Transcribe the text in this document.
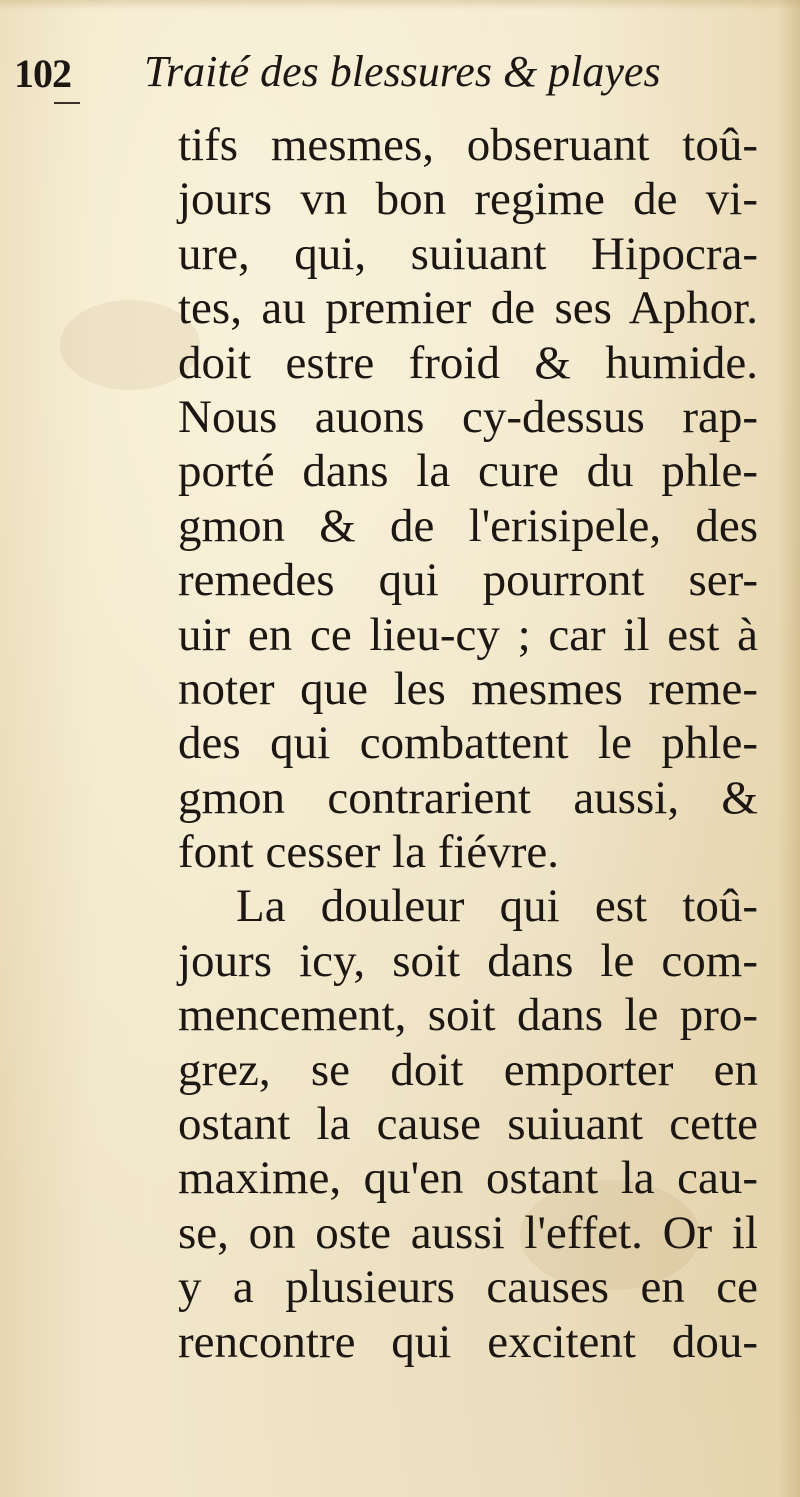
102 Traité des blessures & playes
tifs mesmes, obseruant toû-
jours vn bon regime de vi-
ure, qui, suiuant Hipocra-
tes, au premier de ses Aphor.
doit estre froid & humide.
Nous auons cy-dessus rap-
porté dans la cure du phle-
gmon & de l'erisipele, des
remedes qui pourront ser-
uir en ce lieu-cy ; car il est à
noter que les mesmes reme-
des qui combattent le phle-
gmon contrarient aussi, &
font cesser la fiévre.
La douleur qui est toû-
jours icy, soit dans le com-
mencement, soit dans le pro-
grez, se doit emporter en
ostant la cause suiuant cette
maxime, qu'en ostant la cau-
se, on oste aussi l'effet. Or il
y a plusieurs causes en ce
rencontre qui excitent dou-
